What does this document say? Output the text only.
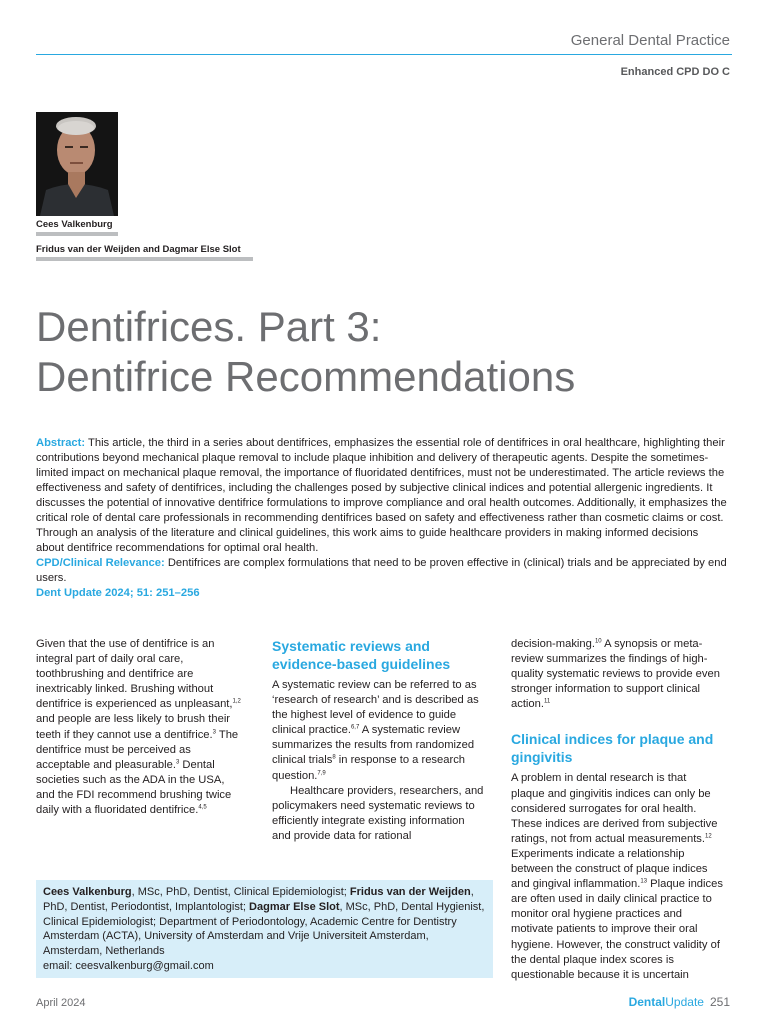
General Dental Practice
Enhanced CPD DO C
Cees Valkenburg
Fridus van der Weijden and Dagmar Else Slot
Dentifrices. Part 3:
Dentifrice Recommendations

Abstract: This article, the third in a series about dentifrices, emphasizes the essential role of dentifrices in oral healthcare, highlighting their contributions beyond mechanical plaque removal to include plaque inhibition and delivery of therapeutic agents. Despite the sometimes-limited impact on mechanical plaque removal, the importance of fluoridated dentifrices, must not be underestimated. The article reviews the effectiveness and safety of dentifrices, including the challenges posed by subjective clinical indices and potential allergenic ingredients. It discusses the potential of innovative dentifrice formulations to improve compliance and oral health outcomes. Additionally, it emphasizes the critical role of dental care professionals in recommending dentifrices based on safety and effectiveness rather than cosmetic claims or cost. Through an analysis of the literature and clinical guidelines, this work aims to guide healthcare providers in making informed decisions about dentifrice recommendations for optimal oral health.

CPD/Clinical Relevance: Dentifrices are complex formulations that need to be proven effective in (clinical) trials and be appreciated by end users.

Dent Update 2024; 51: 251–256

Given that the use of dentifrice is an integral part of daily oral care, toothbrushing and dentifrice are inextricably linked. Brushing without dentifrice is experienced as unpleasant,$^{1,2}$ and people are less likely to brush their teeth if they cannot use a dentifrice.$^3$ The dentifrice must be perceived as acceptable and pleasurable.$^3$ Dental societies such as the ADA in the USA, and the FDI recommend brushing twice daily with a fluoridated dentifrice.$^{4,5}$

Systematic reviews and evidence-based guidelines

A systematic review can be referred to as ‘research of research’ and is described as the highest level of evidence to guide clinical practice.$^{6,7}$ A systematic review summarizes the results from randomized clinical trials$^8$ in response to a research question.$^{7,9}$

Healthcare providers, researchers, and policymakers need systematic reviews to efficiently integrate existing information and provide data for rational

decision-making.$^{10}$ A synopsis or meta-review summarizes the findings of high-quality systematic reviews to provide even stronger information to support clinical action.$^{11}$

Clinical indices for plaque and gingivitis

A problem in dental research is that plaque and gingivitis indices can only be considered surrogates for oral health. These indices are derived from subjective ratings, not from actual measurements.$^{12}$ Experiments indicate a relationship between the construct of plaque indices and gingival inflammation.$^{13}$ Plaque indices are often used in daily clinical practice to monitor oral hygiene practices and motivate patients to improve their oral hygiene. However, the construct validity of the dental plaque index scores is questionable because it is uncertain

Cees Valkenburg, MSc, PhD, Dentist, Clinical Epidemiologist; Fridus van der Weijden, PhD, Dentist, Periodontist, Implantologist; Dagmar Else Slot, MSc, PhD, Dental Hygienist, Clinical Epidemiologist; Department of Periodontology, Academic Centre for Dentistry Amsterdam (ACTA), University of Amsterdam and Vrije Universiteit Amsterdam, Amsterdam, Netherlands
email: ceesvalkenburg@gmail.com
April 2024	DentalUpdate 251
